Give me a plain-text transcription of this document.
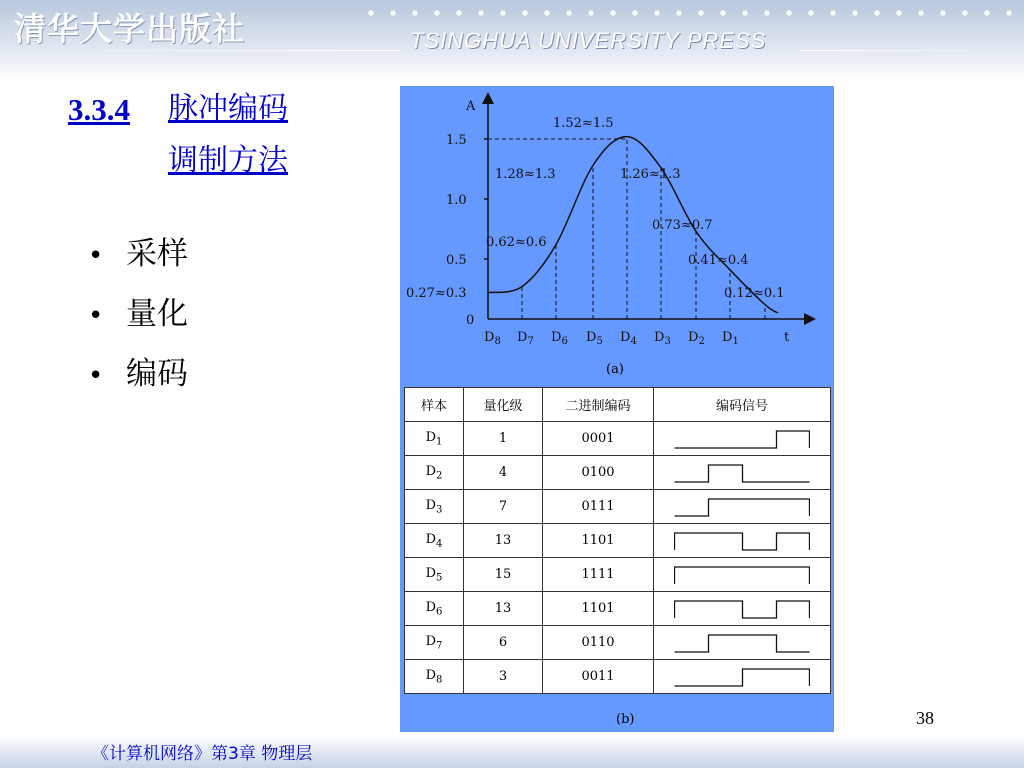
清华大学出版社	TSINGHUA UNIVERSITY PRESS
3.3.4 脉冲编码
调制方法
• 采样
• 量化
• 编码
A
t
1.5
1.0
0.5
0
$D_8$ $D_7$ $D_6$ $D_5$ $D_4$ $D_3$ $D_2$ $D_1$
1.52≈1.5
1.28≈1.3	1.26≈1.3
0.73≈0.7
0.62≈0.6
0.41≈0.4
0.27≈0.3	0.12≈0.1
(a)
样本	量化级	二进制编码	编码信号
$D_1$	1	0001	

$D_2$	4	0100	

$D_3$	7	0111	

$D_4$	13	1101	

$D_5$	15	1111	

$D_6$	13	1101	

$D_7$	6	0110	

$D_8$	3	0011	
(b)	38
《计算机网络》第3章 物理层
